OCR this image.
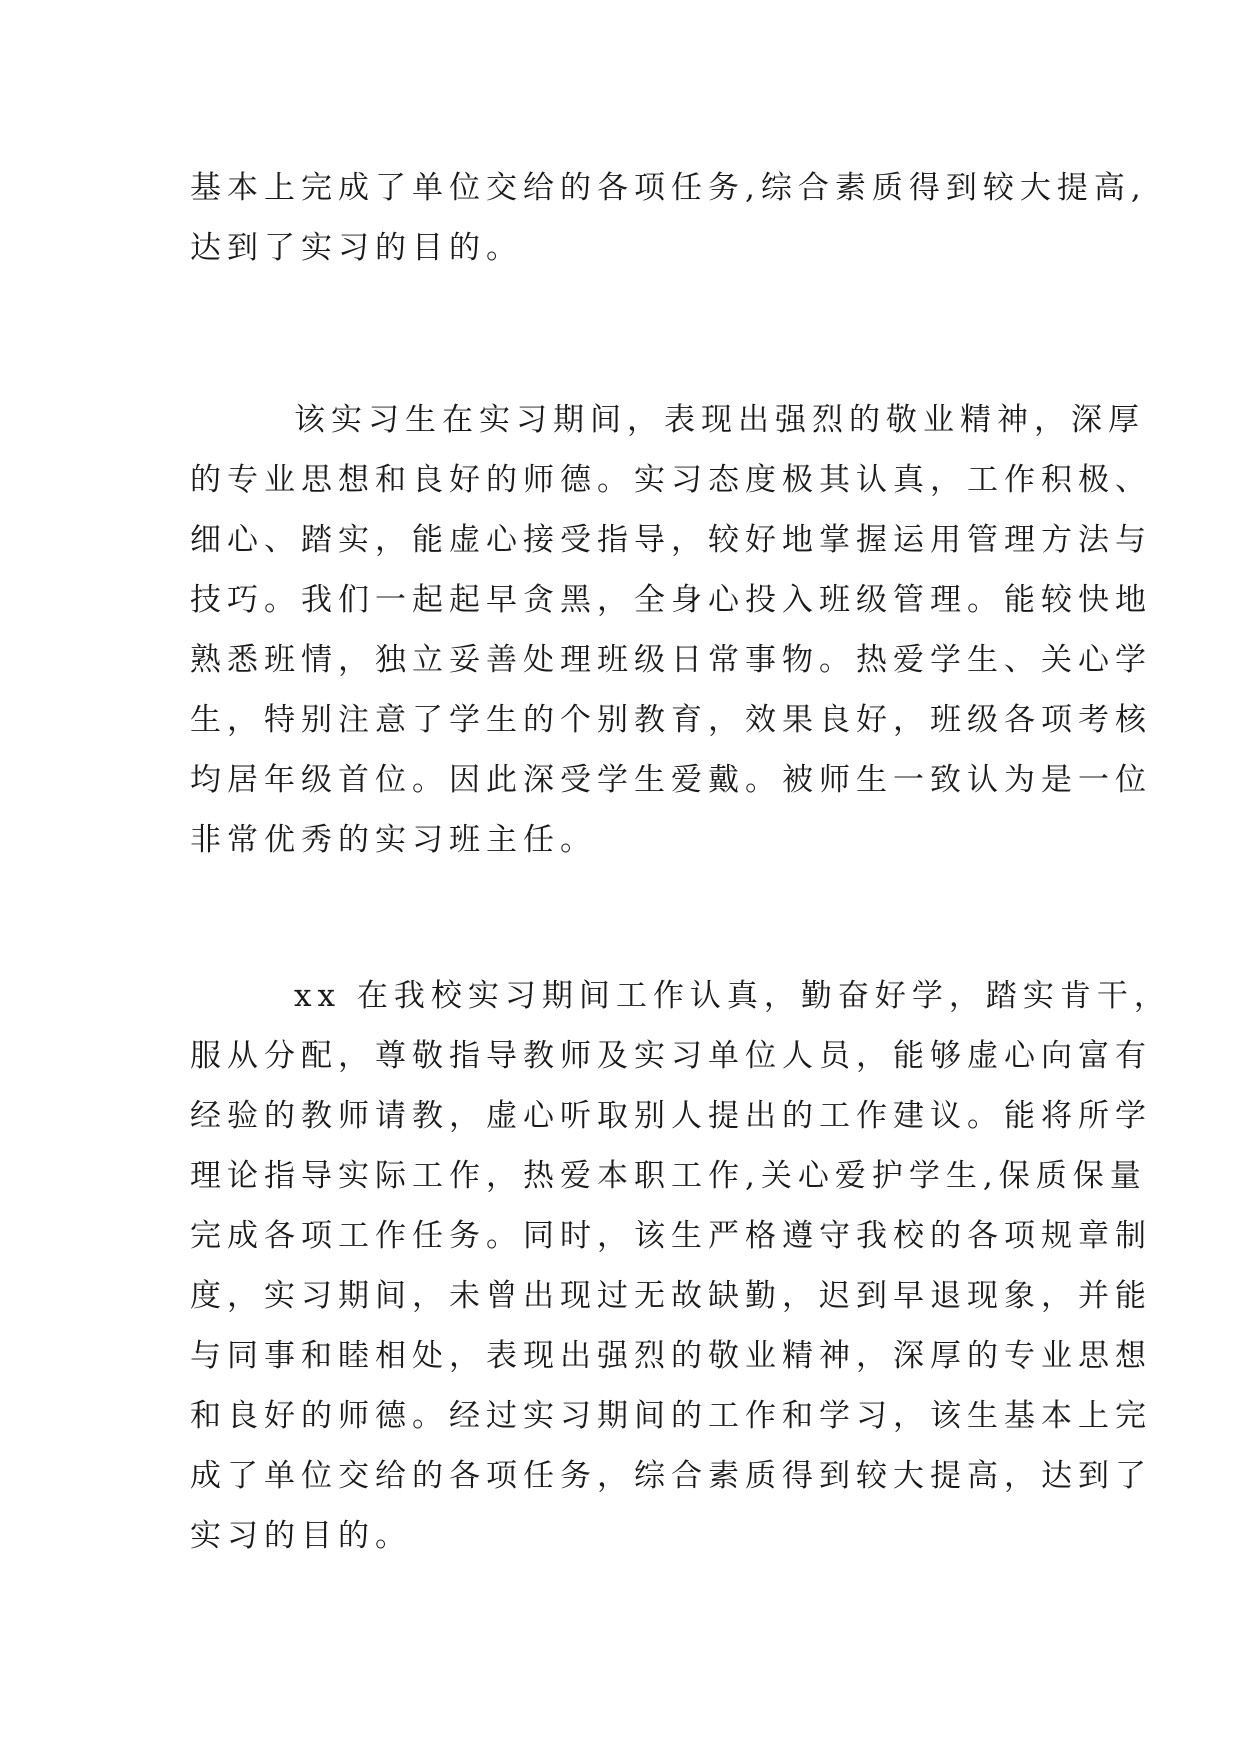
基本上完成了单位交给的各项任务,综合素质得到较大提高,
达到了实习的目的。
该实习生在实习期间，表现出强烈的敬业精神，深厚
的专业思想和良好的师德。实习态度极其认真，工作积极、
细心、踏实，能虚心接受指导，较好地掌握运用管理方法与
技巧。我们一起起早贪黑，全身心投入班级管理。能较快地
熟悉班情，独立妥善处理班级日常事物。热爱学生、关心学
生，特别注意了学生的个别教育，效果良好，班级各项考核
均居年级首位。因此深受学生爱戴。被师生一致认为是一位
非常优秀的实习班主任。
xx 在我校实习期间工作认真，勤奋好学，踏实肯干，
服从分配，尊敬指导教师及实习单位人员，能够虚心向富有
经验的教师请教，虚心听取别人提出的工作建议。能将所学
理论指导实际工作，热爱本职工作,关心爱护学生,保质保量
完成各项工作任务。同时，该生严格遵守我校的各项规章制
度，实习期间，未曾出现过无故缺勤，迟到早退现象，并能
与同事和睦相处，表现出强烈的敬业精神，深厚的专业思想
和良好的师德。经过实习期间的工作和学习，该生基本上完
成了单位交给的各项任务，综合素质得到较大提高，达到了
实习的目的。
